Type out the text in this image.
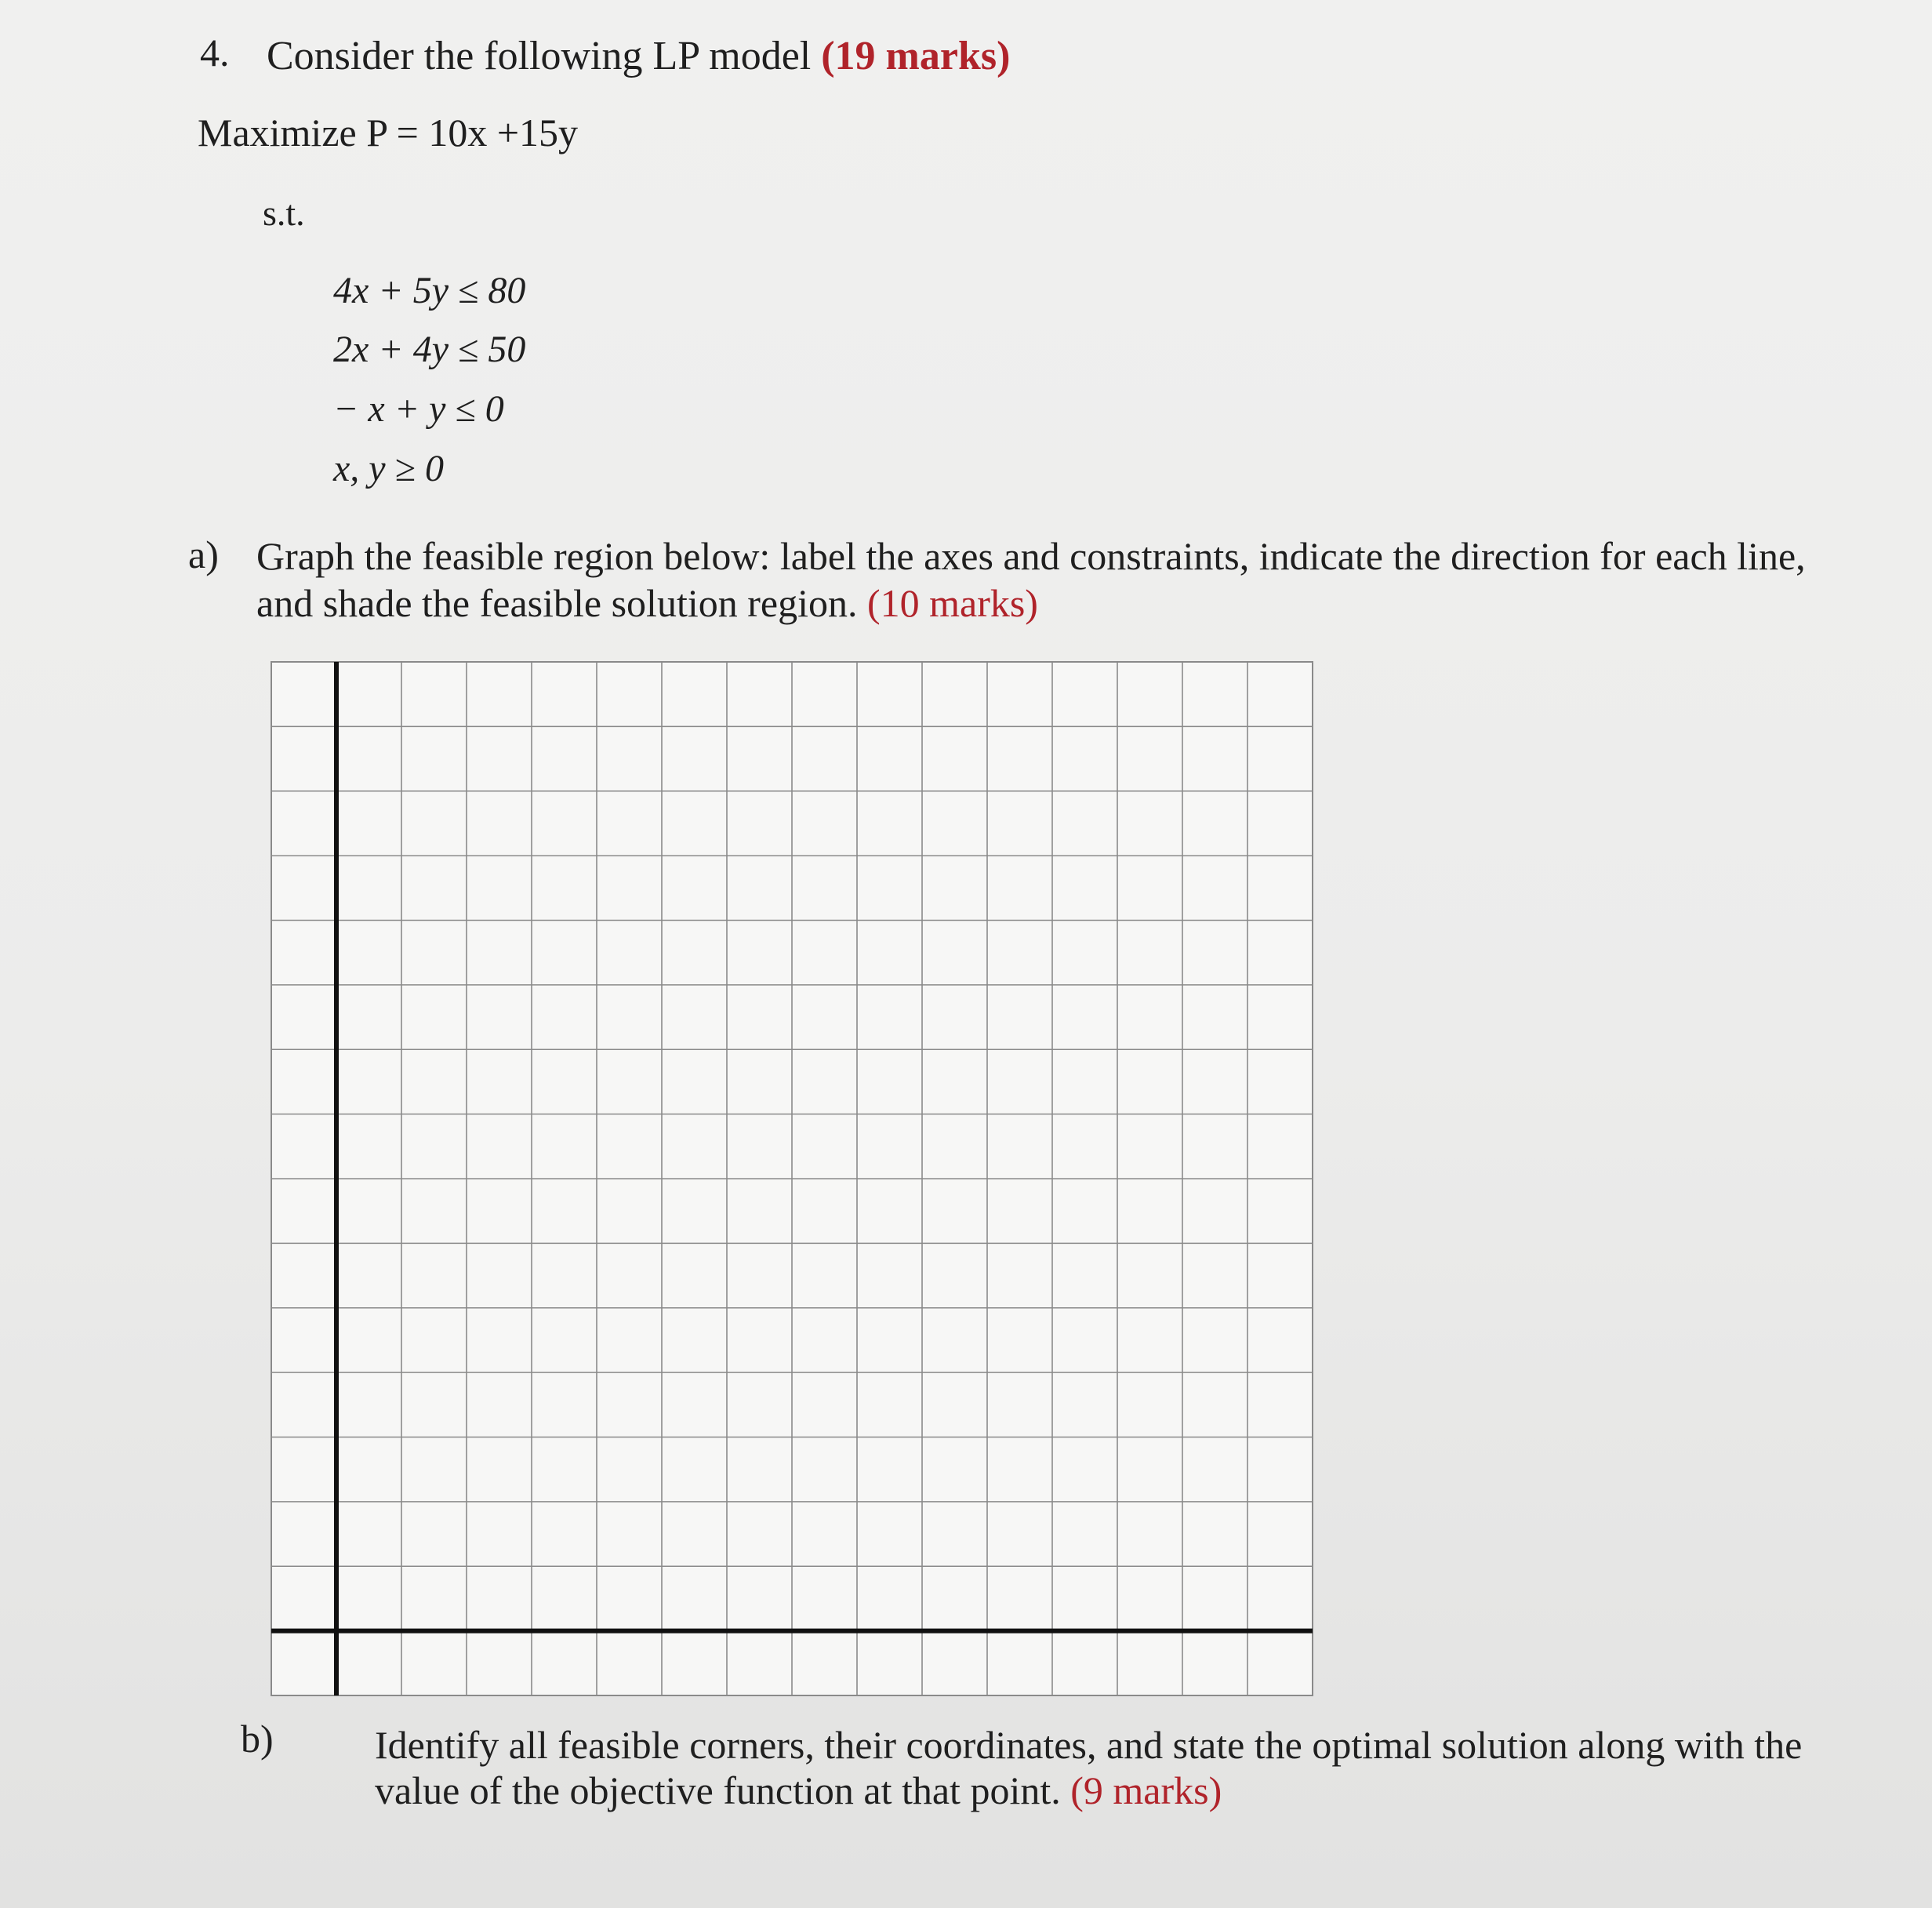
4. Consider the following LP model (19 marks)
Maximize P = 10x +15y
s.t.
4x + 5y ≤ 80
2x + 4y ≤ 50
− x + y ≤ 0
x, y ≥ 0
a) Graph the feasible region below: label the axes and constraints, indicate the direction for each line,
and shade the feasible solution region. (10 marks)
b)	Identify all feasible corners, their coordinates, and state the optimal solution along with the
value of the objective function at that point. (9 marks)
